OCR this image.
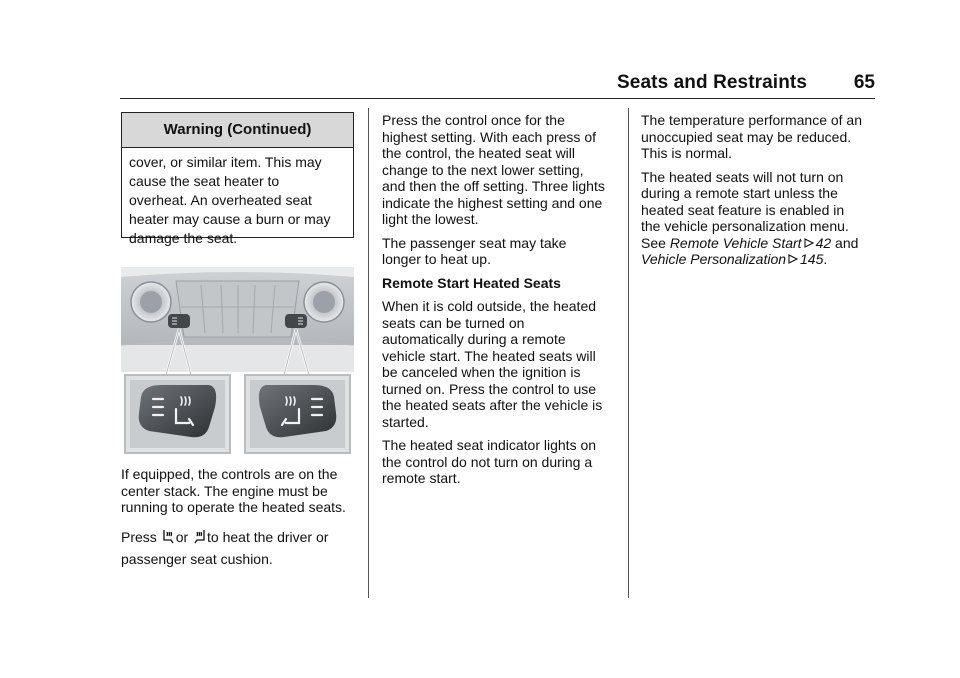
Seats and Restraints 65
Warning (Continued)
cover, or similar item. This may
cause the seat heater to
overheat. An overheated seat
heater may cause a burn or may
damage the seat.

If equipped, the controls are on the
center stack. The engine must be
running to operate the heated seats.

Press or to heat the driver or
passenger seat cushion.

Press the control once for the
highest setting. With each press of
the control, the heated seat will
change to the next lower setting,
and then the off setting. Three lights
indicate the highest setting and one
light the lowest.

The passenger seat may take
longer to heat up.

Remote Start Heated Seats

When it is cold outside, the heated
seats can be turned on
automatically during a remote
vehicle start. The heated seats will
be canceled when the ignition is
turned on. Press the control to use
the heated seats after the vehicle is
started.

The heated seat indicator lights on
the control do not turn on during a
remote start.

The temperature performance of an
unoccupied seat may be reduced.
This is normal.

The heated seats will not turn on
during a remote start unless the
heated seat feature is enabled in
the vehicle personalization menu.
See Remote Vehicle Start 42 and
Vehicle Personalization 145.
